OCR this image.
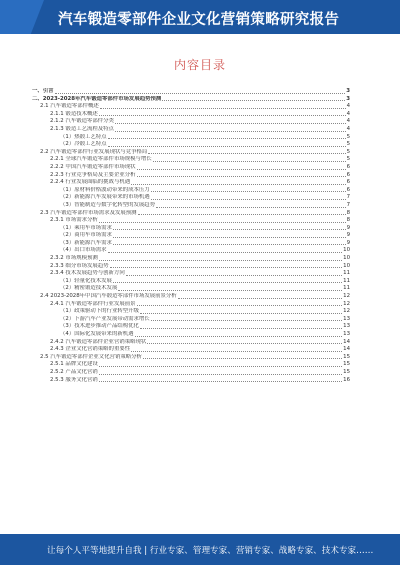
汽车锻造零部件企业文化营销策略研究报告
内容目录
一、引言	3
二、2023-2028年汽车锻造零部件市场发展趋势预测	3
2.1 汽车锻造零部件概述	4
2.1.1 锻造技术概述	4
2.1.2 汽车锻造零部件分类	4
2.1.3 锻造工艺流程及特点	4
（1）热锻工艺特点	5
（2）冷锻工艺特点	5
2.2 汽车锻造零部件行业发展现状与竞争格局	5
2.2.1 全球汽车锻造零部件市场规模与增长	5
2.2.2 中国汽车锻造零部件市场现状	6
2.2.3 行业竞争格局及主要企业分析	6
2.2.4 行业发展面临的挑战与机遇	6
（1）原材料价格波动带来的成本压力	6
（2）新能源汽车发展带来的市场机遇	7
（3）智能制造与数字化转型的发展趋势	7
2.3 汽车锻造零部件市场需求及发展预测	8
2.3.1 市场需求分析	8
（1）乘用车市场需求	9
（2）商用车市场需求	9
（3）新能源汽车需求	9
（4）出口市场需求	10
2.3.2 市场规模预测	10
2.3.3 细分市场发展趋势	10
2.3.4 技术发展趋势与创新方向	11
（1）轻量化技术发展	11
（2）精密锻造技术发展	11
2.4 2023-2028年中国汽车锻造零部件市场发展前景分析	12
2.4.1 汽车锻造零部件行业发展前景	12
（1）政策驱动下的行业转型升级	12
（2）下游汽车产业发展带动需求增长	13
（3）技术进步推动产品结构优化	13
（4）国际化发展带来的新机遇	13
2.4.2 汽车锻造零部件企业营销策略现状	14
2.4.3 企业文化营销策略的重要性	14
2.5 汽车锻造零部件企业文化营销策略分析	15
2.5.1 品牌文化建设	15
2.5.2 产品文化营销	15
2.5.3 服务文化营销	16
让每个人平等地提升自我 | 行业专家、管理专家、营销专家、战略专家、技术专家……
